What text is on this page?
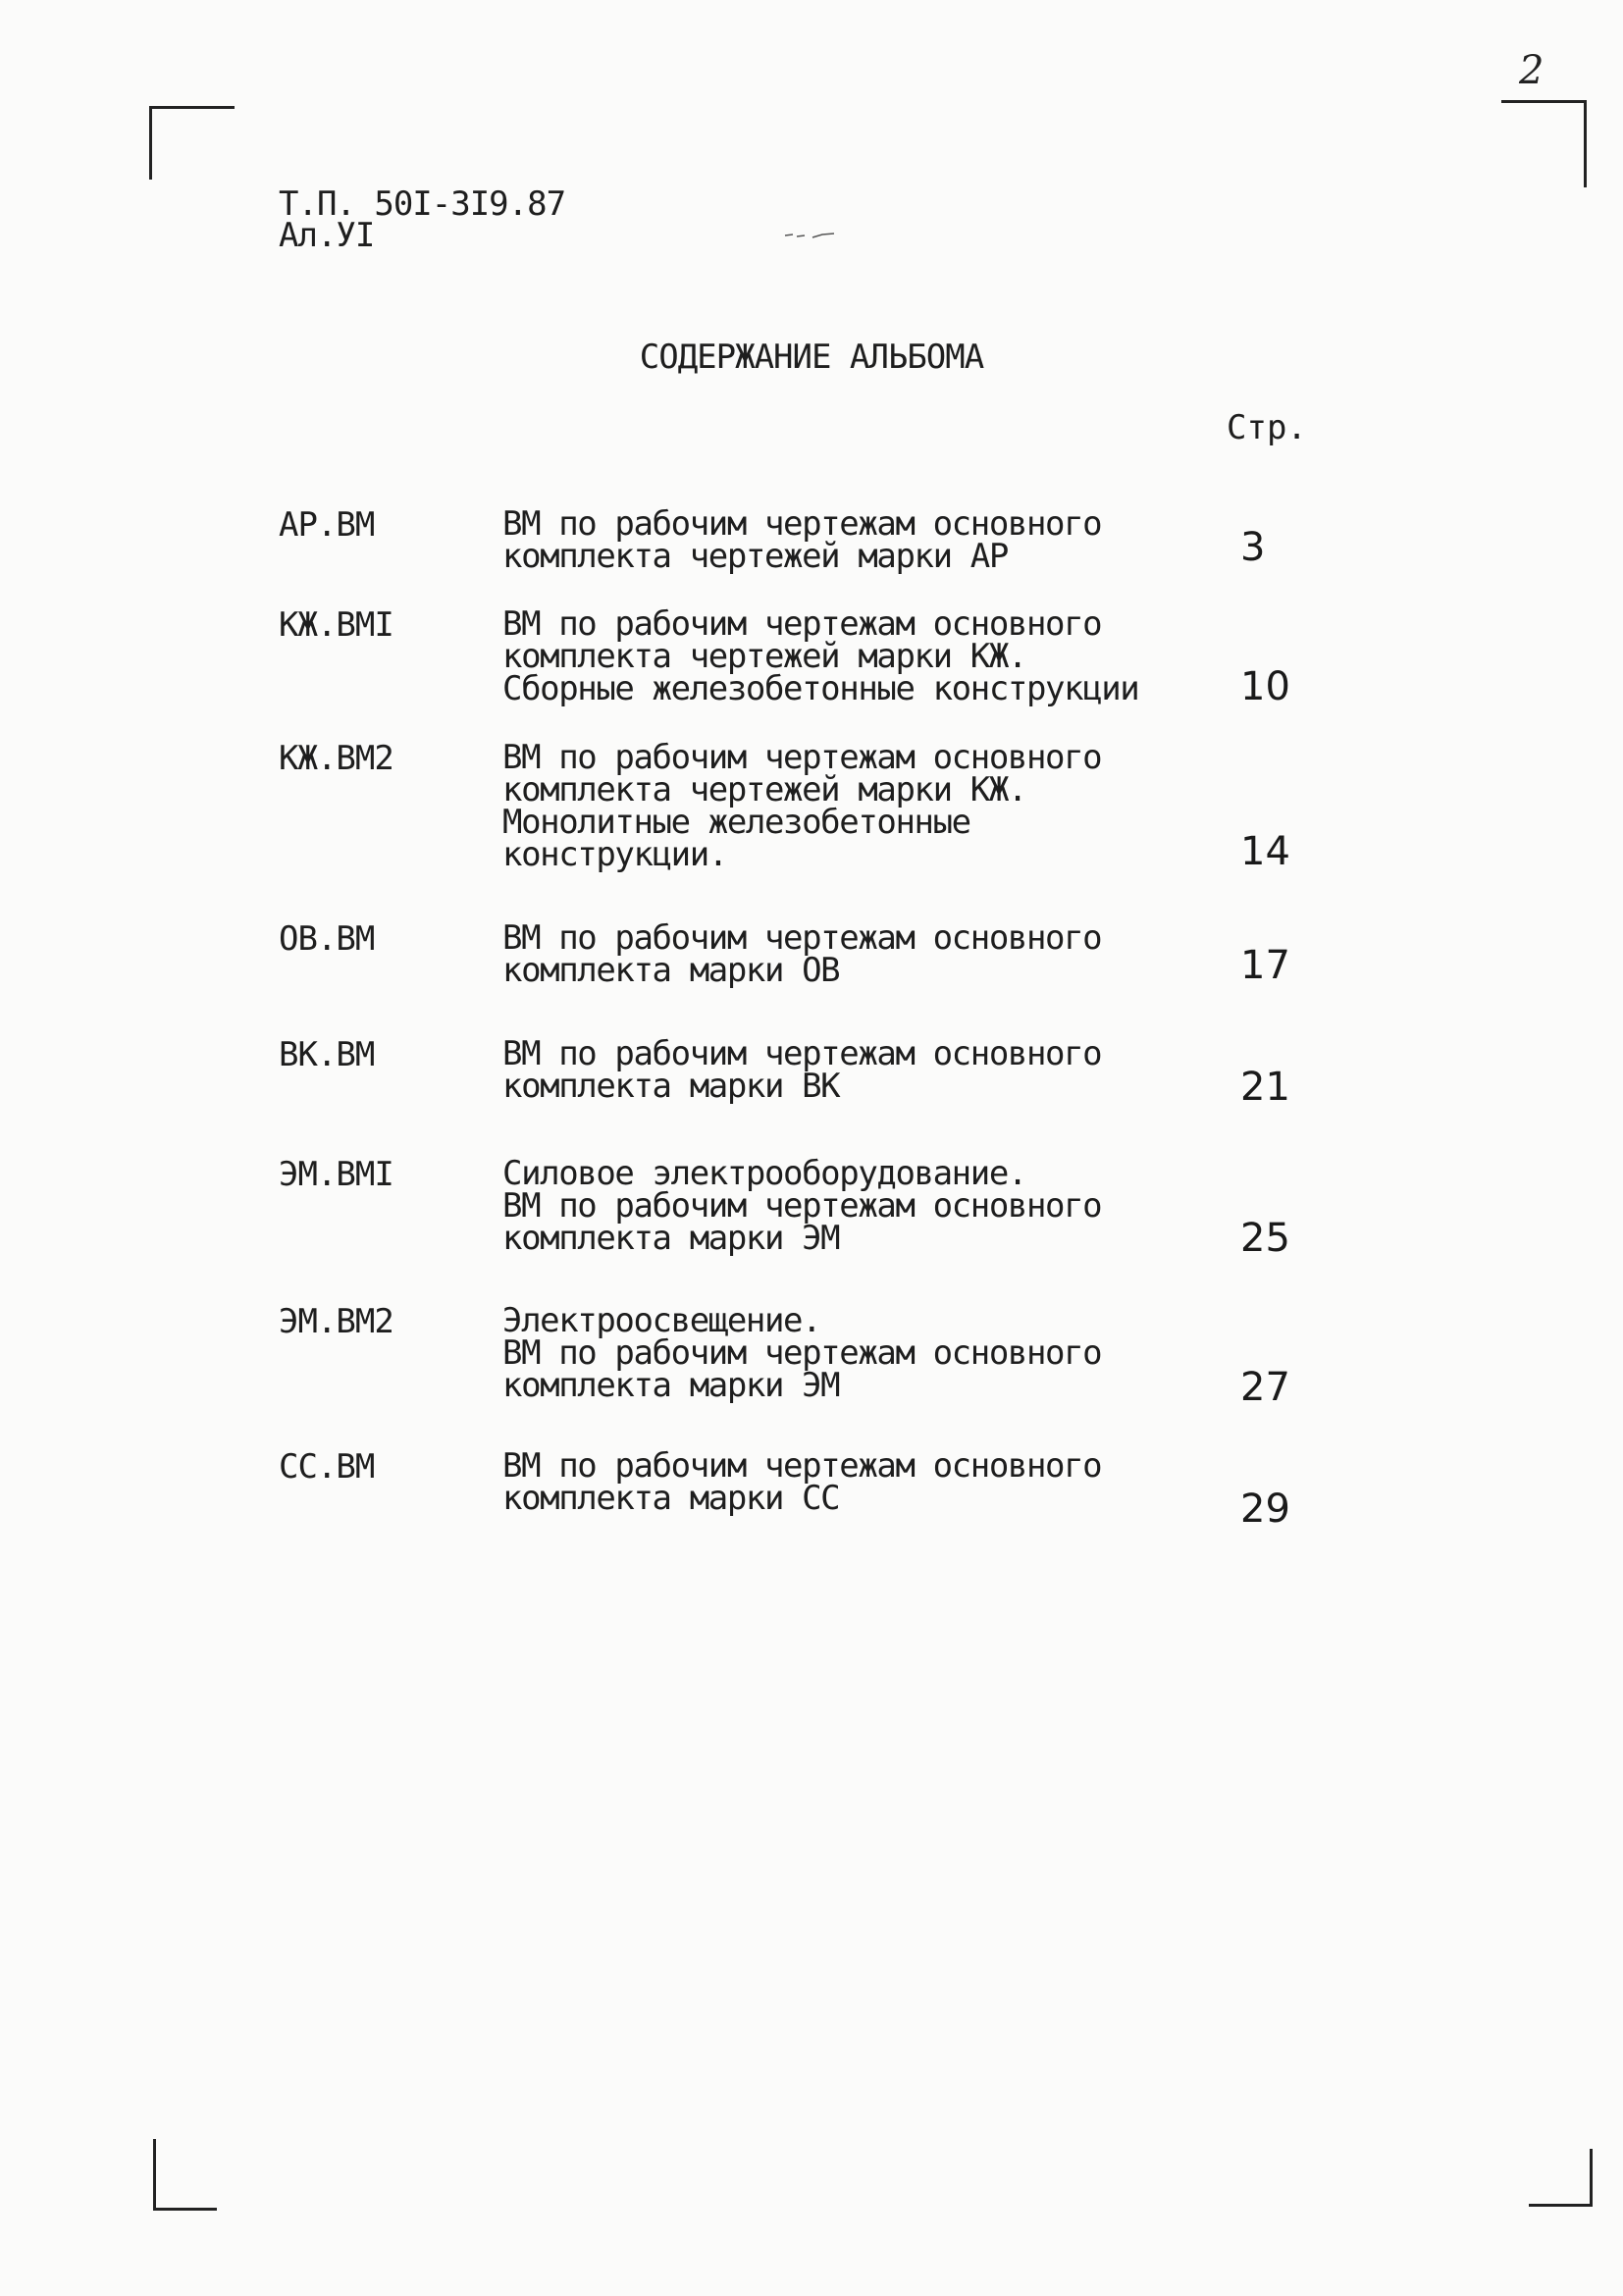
2
Т.П. 50I-3I9.87
Ал.УI
СОДЕРЖАНИЕ АЛЬБОМА
Стр.
АР.ВМ	ВМ по рабочим чертежам основного
комплекта чертежей марки АР	3
КЖ.ВМI	ВМ по рабочим чертежам основного
комплекта чертежей марки КЖ.
Сборные железобетонные конструкции	10
КЖ.ВМ2	ВМ по рабочим чертежам основного
комплекта чертежей марки КЖ.
Монолитные железобетонные
конструкции.	14
ОВ.ВМ	ВМ по рабочим чертежам основного
комплекта марки ОВ	17
ВК.ВМ	ВМ по рабочим чертежам основного
комплекта марки ВК	21
ЭМ.ВМI	Силовое электрооборудование.
ВМ по рабочим чертежам основного
комплекта марки ЭМ	25
ЭМ.ВМ2	Электроосвещение.
ВМ по рабочим чертежам основного
комплекта марки ЭМ	27
СС.ВМ	ВМ по рабочим чертежам основного
комплекта марки СС	29
